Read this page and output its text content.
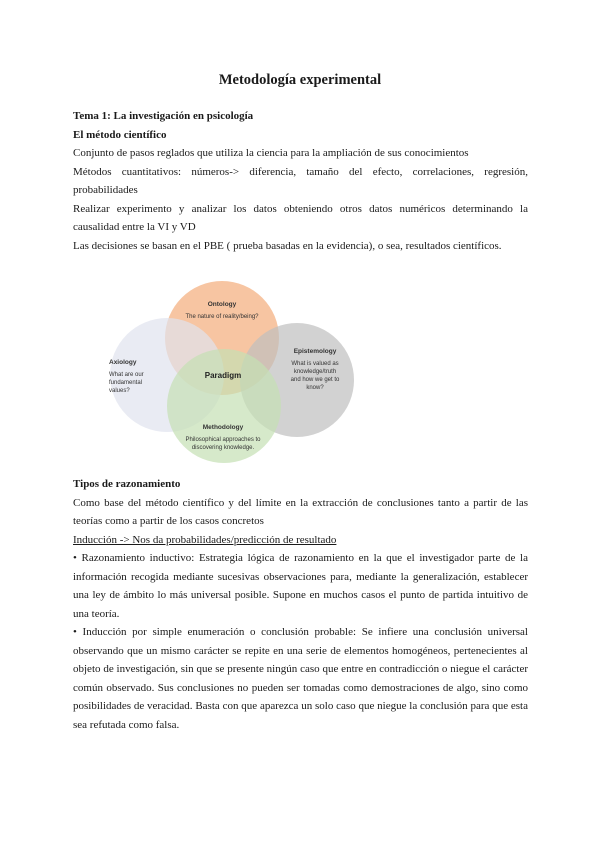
Metodología experimental

Tema 1: La investigación en psicología

El método científico

Conjunto de pasos reglados que utiliza la ciencia para la ampliación de sus conocimientos

Métodos cuantitativos: números-> diferencia, tamaño del efecto, correlaciones, regresión, probabilidades

Realizar experimento y analizar los datos obteniendo otros datos numéricos determinando la causalidad entre la VI y VD

Las decisiones se basan en el PBE ( prueba basadas en la evidencia), o sea, resultados científicos.

Ontology
The nature of reality/being?
Epistemology
What is valued as
knowledge/truth
and how we get to
know?
Axiology
What are our
fundamental
values?
Paradigm
Methodology
Philosophical approaches to
discovering knowledge.

Tipos de razonamiento

Como base del método científico y del límite en la extracción de conclusiones tanto a partir de las teorías como a partir de los casos concretos

Inducción -> Nos da probabilidades/predicción de resultado

• Razonamiento inductivo: Estrategia lógica de razonamiento en la que el investigador parte de la información recogida mediante sucesivas observaciones para, mediante la generalización, establecer una ley de ámbito lo más universal posible. Supone en muchos casos el punto de partida intuitivo de una teoría.

• Inducción por simple enumeración o conclusión probable: Se infiere una conclusión universal observando que un mismo carácter se repite en una serie de elementos homogéneos, pertenecientes al objeto de investigación, sin que se presente ningún caso que entre en contradicción o niegue el carácter común observado. Sus conclusiones no pueden ser tomadas como demostraciones de algo, sino como posibilidades de veracidad. Basta con que aparezca un solo caso que niegue la conclusión para que esta sea refutada como falsa.
